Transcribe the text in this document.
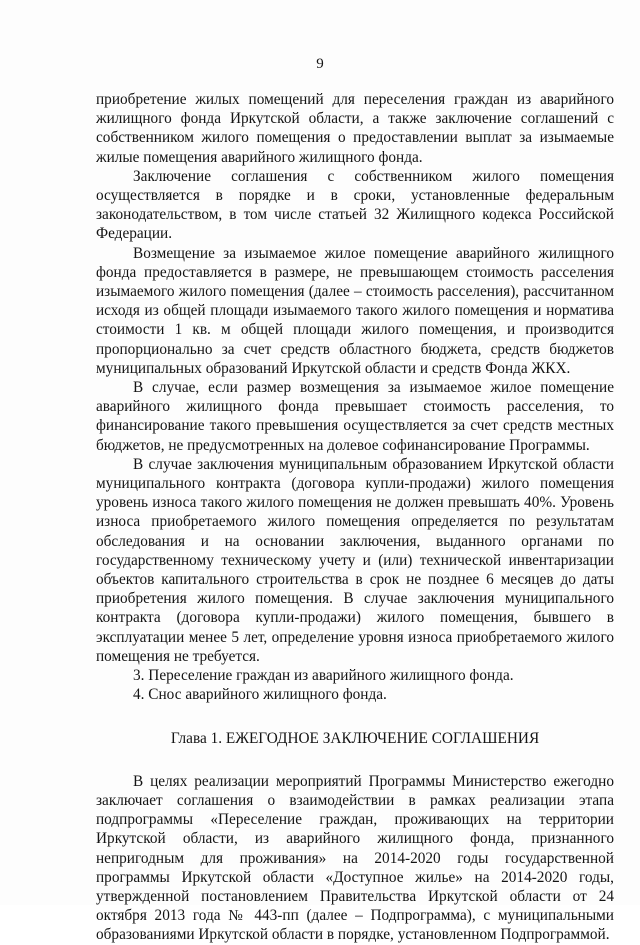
9

приобретение жилых помещений для переселения граждан из аварийного жилищного фонда Иркутской области, а также заключение соглашений с собственником жилого помещения о предоставлении выплат за изымаемые жилые помещения аварийного жилищного фонда.

Заключение соглашения с собственником жилого помещения осуществляется в порядке и в сроки, установленные федеральным законодательством, в том числе статьей 32 Жилищного кодекса Российской Федерации.

Возмещение за изымаемое жилое помещение аварийного жилищного фонда предоставляется в размере, не превышающем стоимость расселения изымаемого жилого помещения (далее – стоимость расселения), рассчитанном исходя из общей площади изымаемого такого жилого помещения и норматива стоимости 1 кв. м общей площади жилого помещения, и производится пропорционально за счет средств областного бюджета, средств бюджетов муниципальных образований Иркутской области и средств Фонда ЖКХ.

В случае, если размер возмещения за изымаемое жилое помещение аварийного жилищного фонда превышает стоимость расселения, то финансирование такого превышения осуществляется за счет средств местных бюджетов, не предусмотренных на долевое софинансирование Программы.

В случае заключения муниципальным образованием Иркутской области муниципального контракта (договора купли-продажи) жилого помещения уровень износа такого жилого помещения не должен превышать 40%. Уровень износа приобретаемого жилого помещения определяется по результатам обследования и на основании заключения, выданного органами по государственному техническому учету и (или) технической инвентаризации объектов капитального строительства в срок не позднее 6 месяцев до даты приобретения жилого помещения. В случае заключения муниципального контракта (договора купли-продажи) жилого помещения, бывшего в эксплуатации менее 5 лет, определение уровня износа приобретаемого жилого помещения не требуется.

3. Переселение граждан из аварийного жилищного фонда.

4. Снос аварийного жилищного фонда.

Глава 1. ЕЖЕГОДНОЕ ЗАКЛЮЧЕНИЕ СОГЛАШЕНИЯ

В целях реализации мероприятий Программы Министерство ежегодно заключает соглашения о взаимодействии в рамках реализации этапа подпрограммы «Переселение граждан, проживающих на территории Иркутской области, из аварийного жилищного фонда, признанного непригодным для проживания» на 2014-2020 годы государственной программы Иркутской области «Доступное жилье» на 2014-2020 годы, утвержденной постановлением Правительства Иркутской области от 24 октября 2013 года № 443-пп (далее – Подпрограмма), с муниципальными образованиями Иркутской области в порядке, установленном Подпрограммой.
